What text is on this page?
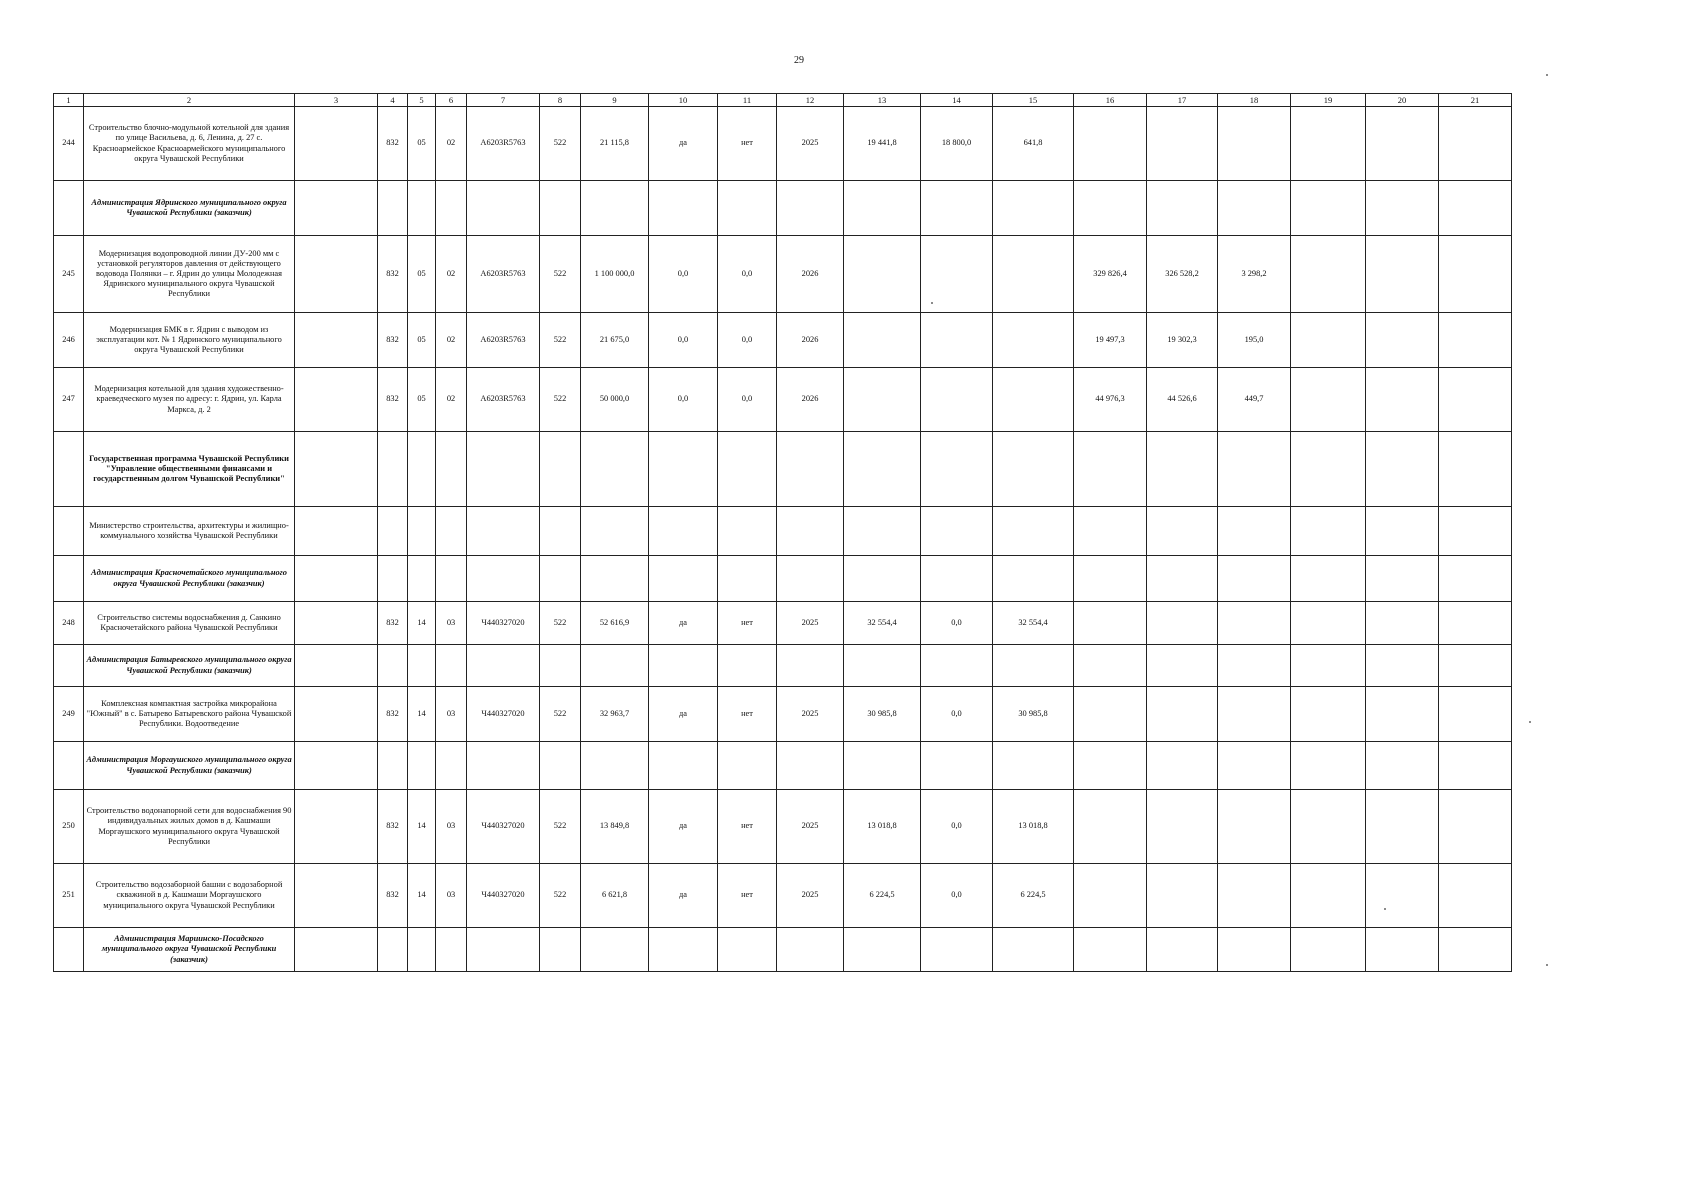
29
1	2	3	4	5	6	7	8	9	10	11	12	13	14	15	16	17	18	19	20	21
244	Строительство блочно-модульной котельной для здания по улице Васильева, д. 6, Ленина, д. 27 с. Красноармейское Красноармейского муниципального округа Чувашской Республики		832	05	02	А6203R5763	522	21 115,8	да	нет	2025	19 441,8	18 800,0	641,8						
	Администрация Ядринского муниципального округа Чувашской Республики (заказчик)																			
245	Модернизация водопроводной линии ДУ-200 мм с установкой регуляторов давления от действующего водовода Полянки – г. Ядрин до улицы Молодежная Ядринского муниципального округа Чувашской Республики		832	05	02	А6203R5763	522	1 100 000,0	0,0	0,0	2026				329 826,4	326 528,2	3 298,2			
246	Модернизация БМК в г. Ядрин с выводом из эксплуатации кот. № 1 Ядринского муниципального округа Чувашской Республики		832	05	02	А6203R5763	522	21 675,0	0,0	0,0	2026				19 497,3	19 302,3	195,0			
247	Модернизация котельной для здания художественно-краеведческого музея по адресу: г. Ядрин, ул. Карла Маркса, д. 2		832	05	02	А6203R5763	522	50 000,0	0,0	0,0	2026				44 976,3	44 526,6	449,7			
	Государственная программа Чувашской Республики "Управление общественными финансами и государственным долгом Чувашской Республики"																			
	Министерство строительства, архитектуры и жилищно-коммунального хозяйства Чувашской Республики																			
	Администрация Красночетайского муниципального округа Чувашской Республики (заказчик)																			
248	Строительство системы водоснабжения д. Санкино Красночетайского района Чувашской Республики		832	14	03	Ч440327020	522	52 616,9	да	нет	2025	32 554,4	0,0	32 554,4						
	Администрация Батыревского муниципального округа Чувашской Республики (заказчик)																			
249	Комплексная компактная застройка микрорайона "Южный" в с. Батырево Батыревского района Чувашской Республики. Водоотведение		832	14	03	Ч440327020	522	32 963,7	да	нет	2025	30 985,8	0,0	30 985,8						
	Администрация Моргаушского муниципального округа Чувашской Республики (заказчик)																			
250	Строительство водонапорной сети для водоснабжения 90 индивидуальных жилых домов в д. Кашмаши Моргаушского муниципального округа Чувашской Республики		832	14	03	Ч440327020	522	13 849,8	да	нет	2025	13 018,8	0,0	13 018,8						
251	Строительство водозаборной башни с водозаборной скважиной в д. Кашмаши Моргаушского муниципального округа Чувашской Республики		832	14	03	Ч440327020	522	6 621,8	да	нет	2025	6 224,5	0,0	6 224,5						
	Администрация Мариинско-Посадского муниципального округа Чувашской Республики (заказчик)																			
